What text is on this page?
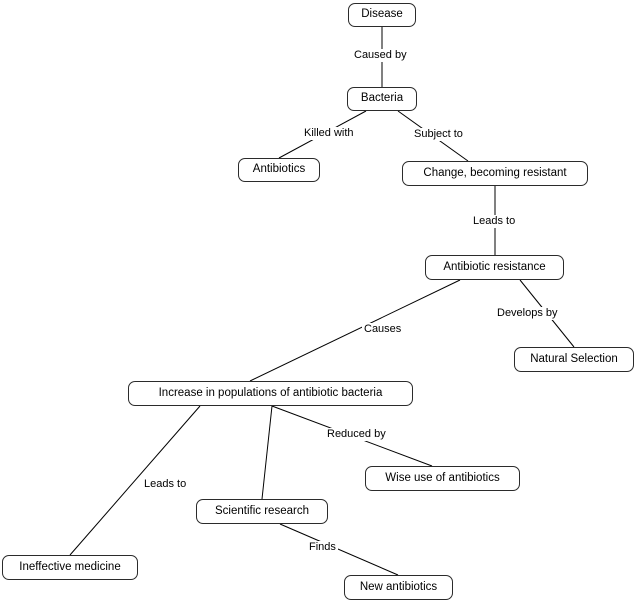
Disease
Bacteria
Antibiotics	Change, becoming resistant
Antibiotic resistance
Natural Selection
Increase in populations of antibiotic bacteria
Wise use of antibiotics
Scientific research
Ineffective medicine
New antibiotics
Caused by
Killed with	Subject to
Leads to
Causes
Develops by
Leads to
Reduced by
Finds
